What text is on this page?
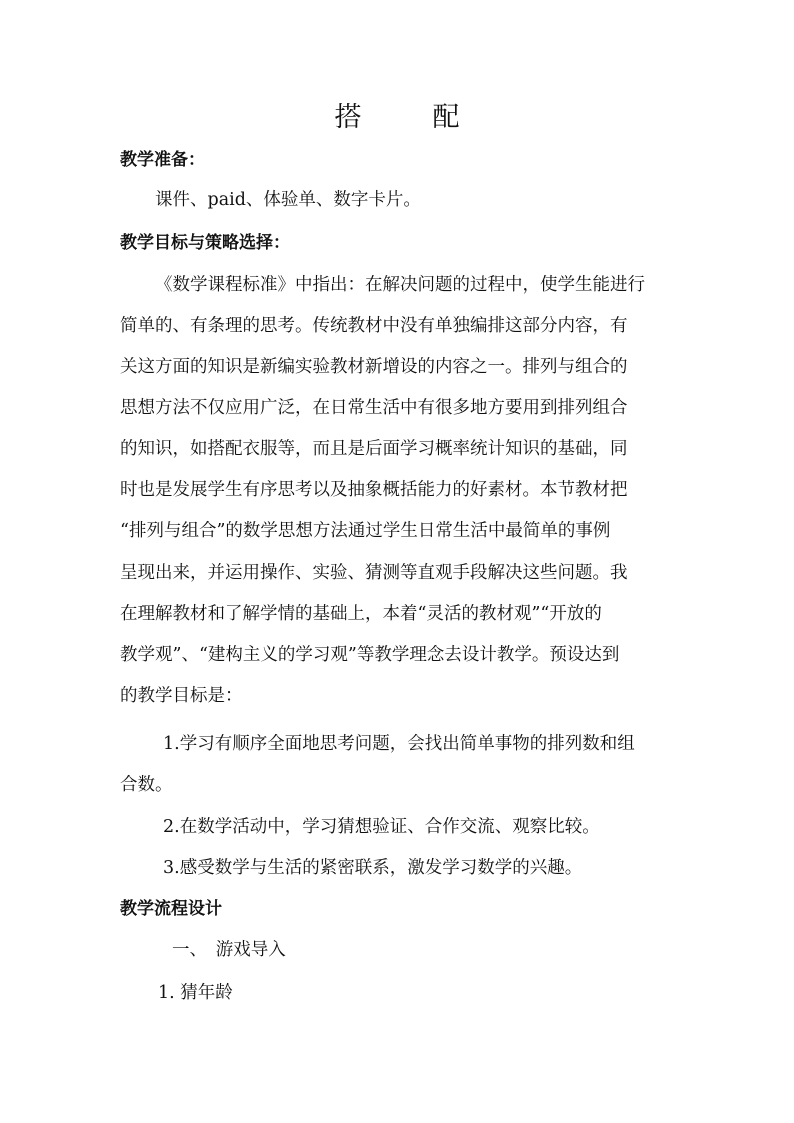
搭　配
教学准备：
课件、paid、体验单、数字卡片。
教学目标与策略选择：
《数学课程标准》中指出：在解决问题的过程中，使学生能进行
简单的、有条理的思考。传统教材中没有单独编排这部分内容，有
关这方面的知识是新编实验教材新增设的内容之一。排列与组合的
思想方法不仅应用广泛，在日常生活中有很多地方要用到排列组合
的知识，如搭配衣服等，而且是后面学习概率统计知识的基础，同
时也是发展学生有序思考以及抽象概括能力的好素材。本节教材把
“排列与组合”的数学思想方法通过学生日常生活中最简单的事例
呈现出来，并运用操作、实验、猜测等直观手段解决这些问题。我
在理解教材和了解学情的基础上，本着“灵活的教材观”“开放的
教学观”、“建构主义的学习观”等教学理念去设计教学。预设达到
的教学目标是：
1.学习有顺序全面地思考问题，会找出简单事物的排列数和组
合数。
2.在数学活动中，学习猜想验证、合作交流、观察比较。
3.感受数学与生活的紧密联系，激发学习数学的兴趣。
教学流程设计
一、　游戏导入
1. 猜年龄
